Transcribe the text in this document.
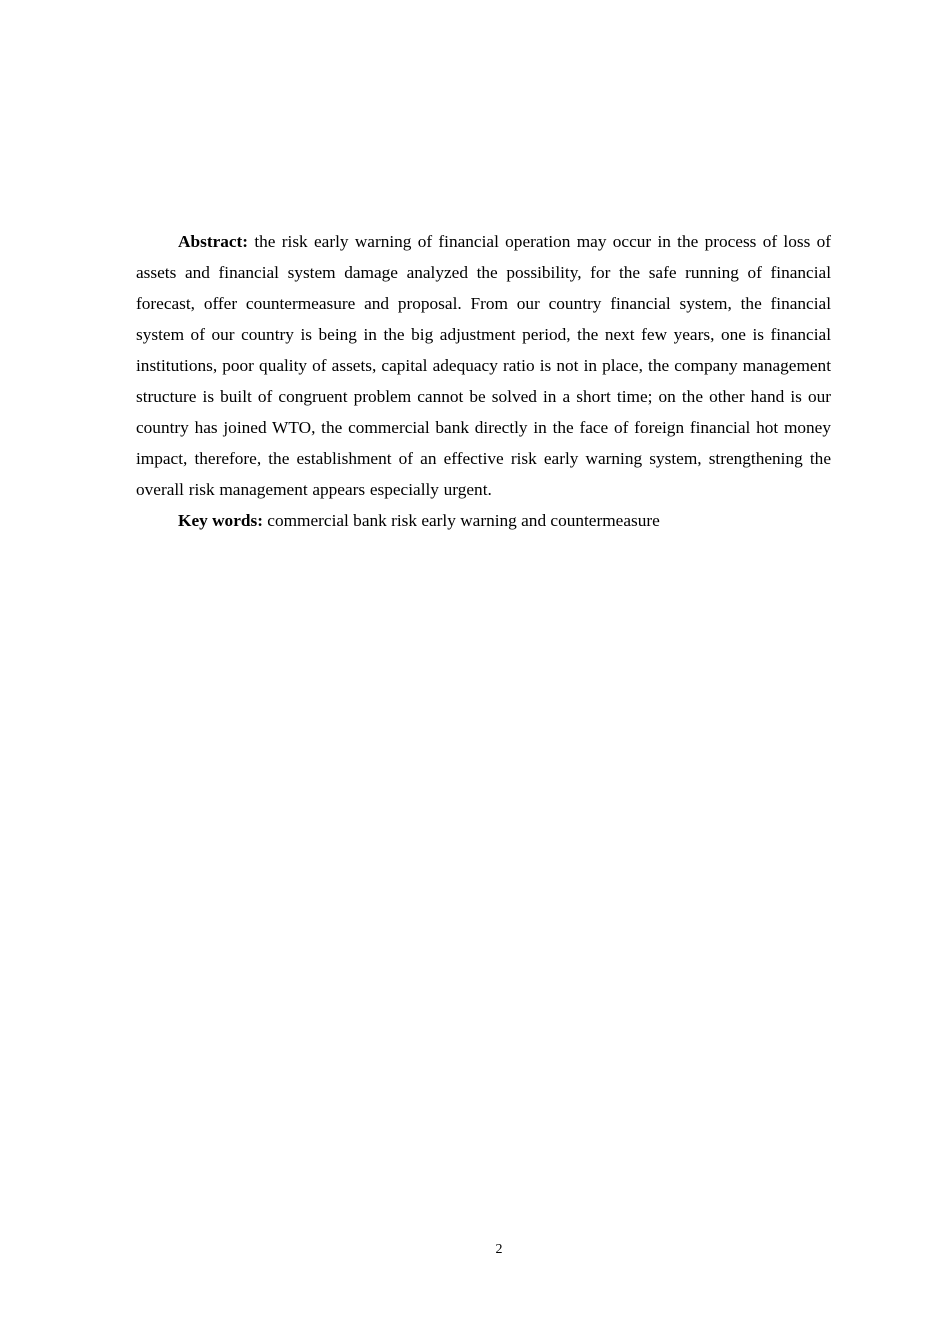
Abstract: the risk early warning of financial operation may occur in the process of loss of assets and financial system damage analyzed the possibility, for the safe running of financial forecast, offer countermeasure and proposal. From our country financial system, the financial system of our country is being in the big adjustment period, the next few years, one is financial institutions, poor quality of assets, capital adequacy ratio is not in place, the company management structure is built of congruent problem cannot be solved in a short time; on the other hand is our country has joined WTO, the commercial bank directly in the face of foreign financial hot money impact, therefore, the establishment of an effective risk early warning system, strengthening the overall risk management appears especially urgent.

Key words: commercial bank risk early warning and countermeasure

2
